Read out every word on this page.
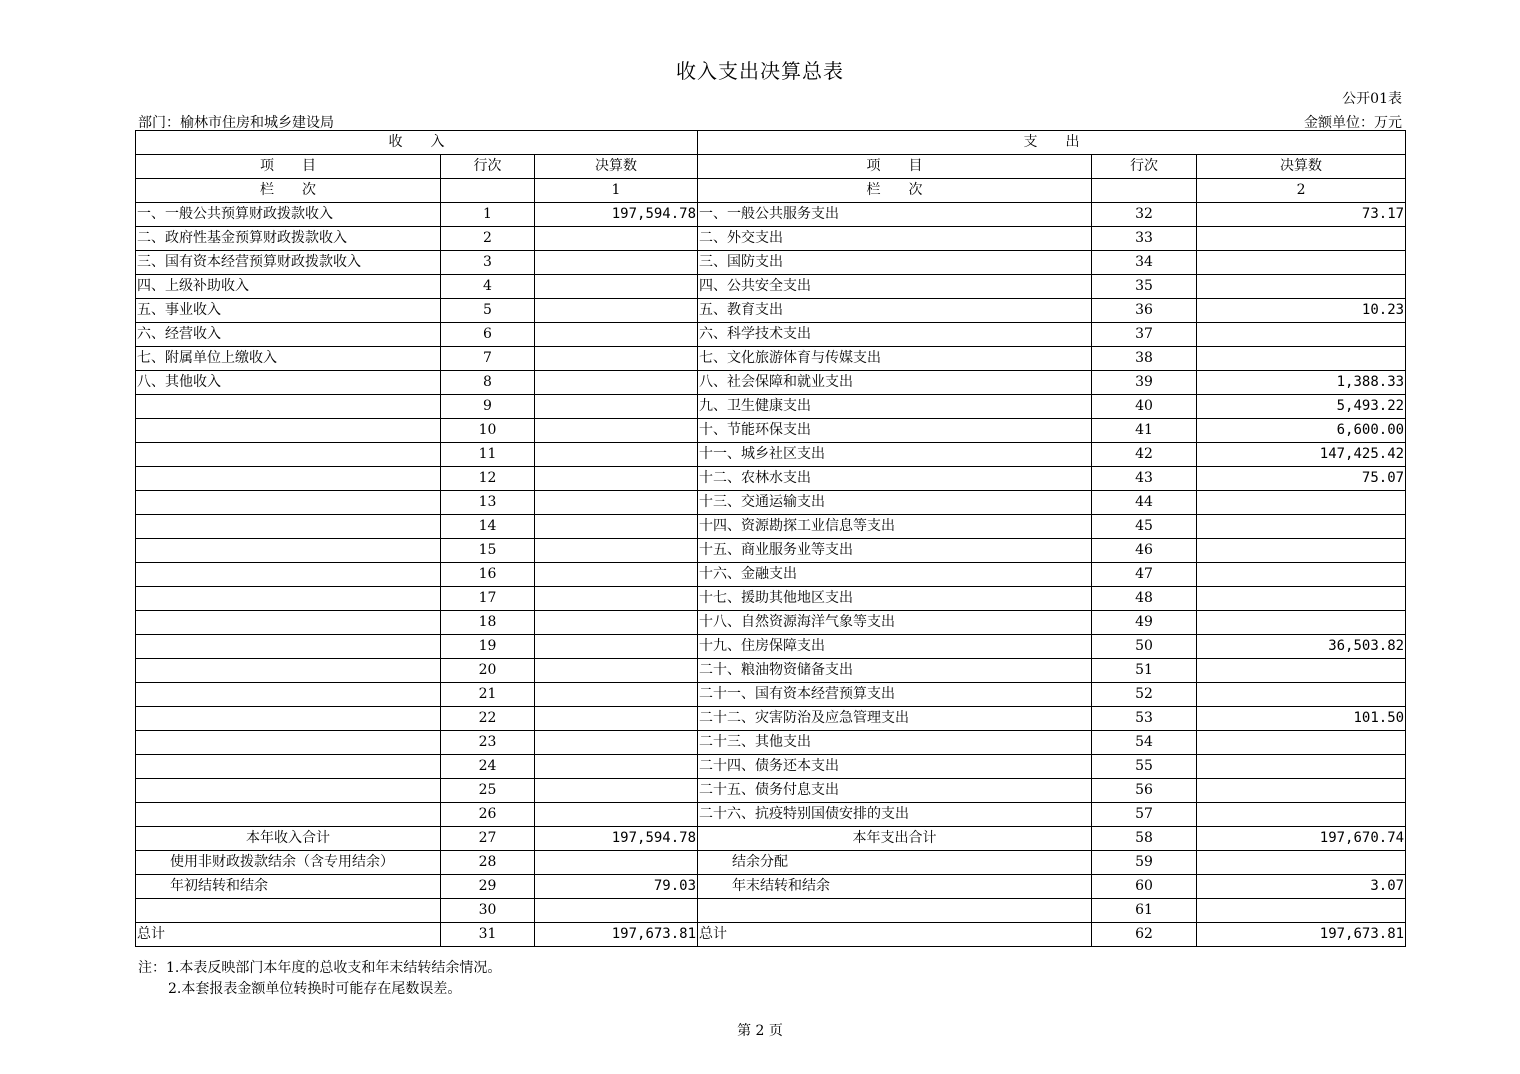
收入支出决算总表
公开01表
部门：榆林市住房和城乡建设局	金额单位：万元
收　　入			支　　出		
项　　目	行次	决算数	项　　目	行次	决算数
栏　　次		1	栏　　次		2
一、一般公共预算财政拨款收入	1	197,594.78	一、一般公共服务支出	32	73.17
二、政府性基金预算财政拨款收入	2		二、外交支出	33	
三、国有资本经营预算财政拨款收入	3		三、国防支出	34	
四、上级补助收入	4		四、公共安全支出	35	
五、事业收入	5		五、教育支出	36	10.23
六、经营收入	6		六、科学技术支出	37	
七、附属单位上缴收入	7		七、文化旅游体育与传媒支出	38	
八、其他收入	8		八、社会保障和就业支出	39	1,388.33
	9		九、卫生健康支出	40	5,493.22
	10		十、节能环保支出	41	6,600.00
	11		十一、城乡社区支出	42	147,425.42
	12		十二、农林水支出	43	75.07
	13		十三、交通运输支出	44	
	14		十四、资源勘探工业信息等支出	45	
	15		十五、商业服务业等支出	46	
	16		十六、金融支出	47	
	17		十七、援助其他地区支出	48	
	18		十八、自然资源海洋气象等支出	49	
	19		十九、住房保障支出	50	36,503.82
	20		二十、粮油物资储备支出	51	
	21		二十一、国有资本经营预算支出	52	
	22		二十二、灾害防治及应急管理支出	53	101.50
	23		二十三、其他支出	54	
	24		二十四、债务还本支出	55	
	25		二十五、债务付息支出	56	
	26		二十六、抗疫特别国债安排的支出	57	
本年收入合计	27	197,594.78	本年支出合计	58	197,670.74
使用非财政拨款结余（含专用结余）	28		结余分配	59	
年初结转和结余	29	79.03	年末结转和结余	60	3.07
	30			61	
总计	31	197,673.81	总计	62	197,673.81
注：1.本表反映部门本年度的总收支和年末结转结余情况。
2.本套报表金额单位转换时可能存在尾数误差。
第 2 页
